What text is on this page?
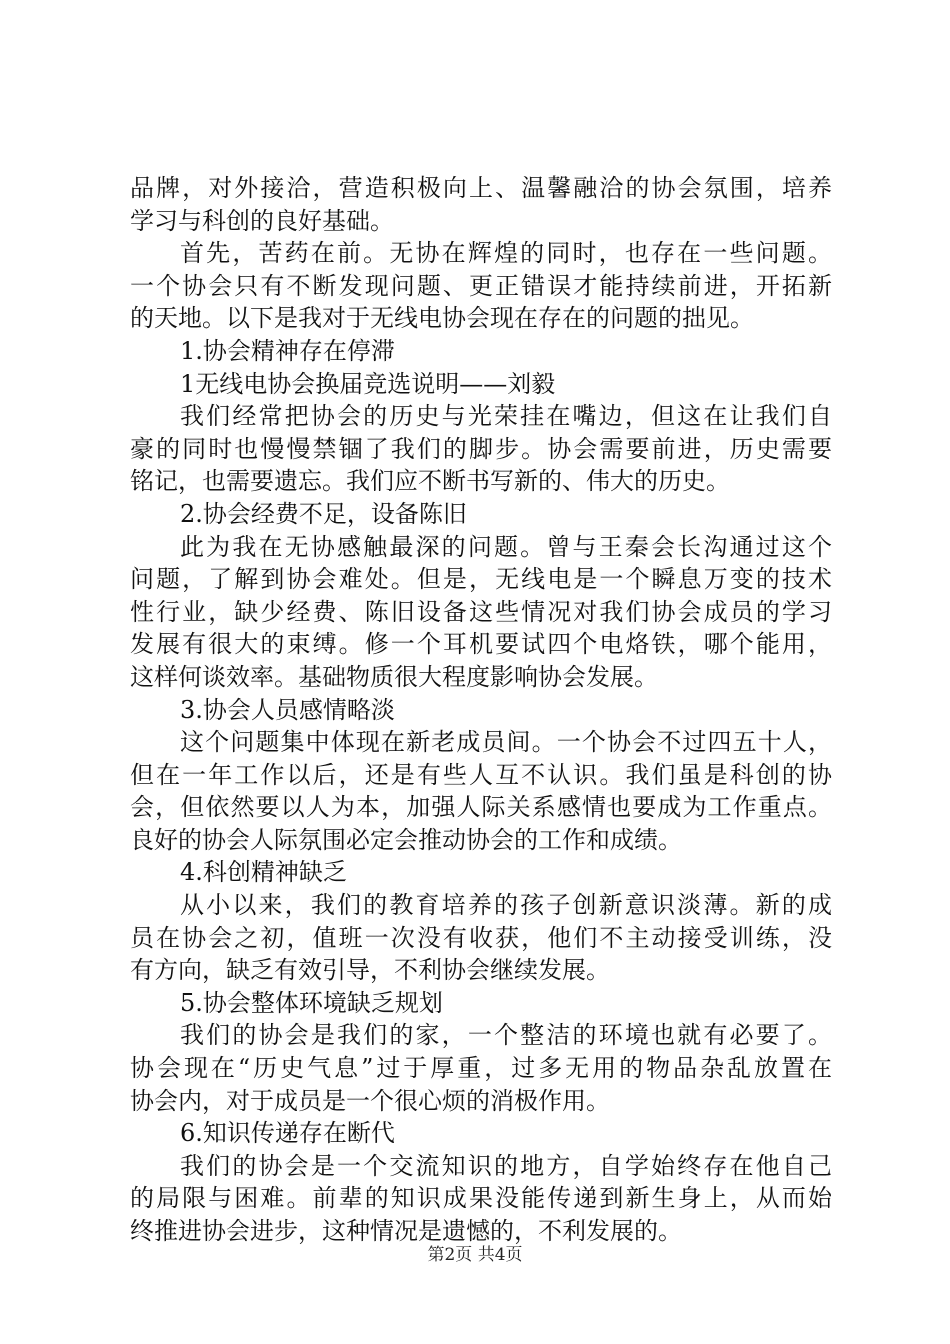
品牌，对外接洽，营造积极向上、温馨融洽的协会氛围，培养
学习与科创的良好基础。
首先，苦药在前。无协在辉煌的同时，也存在一些问题。
一个协会只有不断发现问题、更正错误才能持续前进，开拓新
的天地。以下是我对于无线电协会现在存在的问题的拙见。
1.协会精神存在停滞
1无线电协会换届竞选说明——刘毅
我们经常把协会的历史与光荣挂在嘴边，但这在让我们自
豪的同时也慢慢禁锢了我们的脚步。协会需要前进，历史需要
铭记，也需要遗忘。我们应不断书写新的、伟大的历史。
2.协会经费不足，设备陈旧
此为我在无协感触最深的问题。曾与王秦会长沟通过这个
问题，了解到协会难处。但是，无线电是一个瞬息万变的技术
性行业，缺少经费、陈旧设备这些情况对我们协会成员的学习
发展有很大的束缚。修一个耳机要试四个电烙铁，哪个能用，
这样何谈效率。基础物质很大程度影响协会发展。
3.协会人员感情略淡
这个问题集中体现在新老成员间。一个协会不过四五十人，
但在一年工作以后，还是有些人互不认识。我们虽是科创的协
会，但依然要以人为本，加强人际关系感情也要成为工作重点。
良好的协会人际氛围必定会推动协会的工作和成绩。
4.科创精神缺乏
从小以来，我们的教育培养的孩子创新意识淡薄。新的成
员在协会之初，值班一次没有收获，他们不主动接受训练，没
有方向，缺乏有效引导，不利协会继续发展。
5.协会整体环境缺乏规划
我们的协会是我们的家，一个整洁的环境也就有必要了。
协会现在“历史气息”过于厚重，过多无用的物品杂乱放置在
协会内，对于成员是一个很心烦的消极作用。
6.知识传递存在断代
我们的协会是一个交流知识的地方，自学始终存在他自己
的局限与困难。前辈的知识成果没能传递到新生身上，从而始
终推进协会进步，这种情况是遗憾的，不利发展的。
第2页 共4页
